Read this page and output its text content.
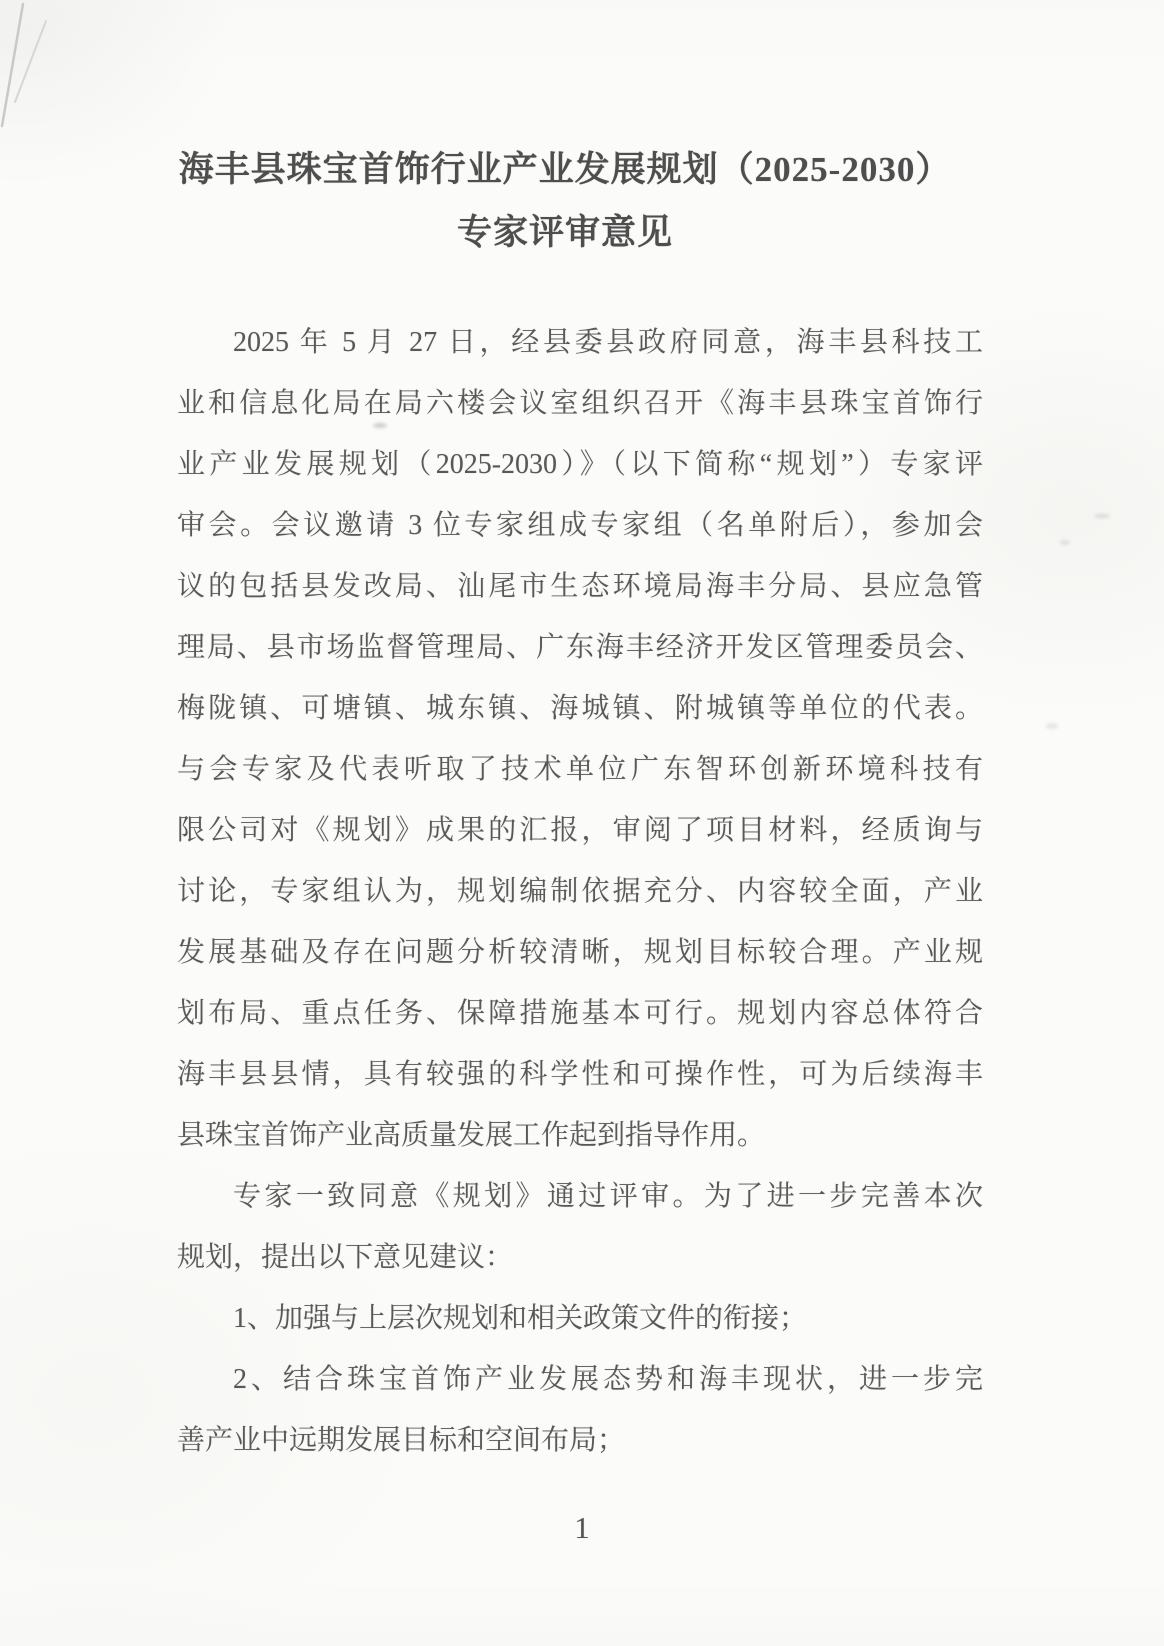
海丰县珠宝首饰行业产业发展规划（2025-2030）
专家评审意见
2025 年 5 月 27 日，经县委县政府同意，海丰县科技工
业和信息化局在局六楼会议室组织召开《海丰县珠宝首饰行
业产业发展规划（2025-2030）》（以下简称“规划”）专家评
审会。会议邀请 3 位专家组成专家组（名单附后），参加会
议的包括县发改局、汕尾市生态环境局海丰分局、县应急管
理局、县市场监督管理局、广东海丰经济开发区管理委员会、
梅陇镇、可塘镇、城东镇、海城镇、附城镇等单位的代表。
与会专家及代表听取了技术单位广东智环创新环境科技有
限公司对《规划》成果的汇报，审阅了项目材料，经质询与
讨论，专家组认为，规划编制依据充分、内容较全面，产业
发展基础及存在问题分析较清晰，规划目标较合理。产业规
划布局、重点任务、保障措施基本可行。规划内容总体符合
海丰县县情，具有较强的科学性和可操作性，可为后续海丰
县珠宝首饰产业高质量发展工作起到指导作用。
专家一致同意《规划》通过评审。为了进一步完善本次
规划，提出以下意见建议：
1、加强与上层次规划和相关政策文件的衔接；
2、结合珠宝首饰产业发展态势和海丰现状，进一步完
善产业中远期发展目标和空间布局；
1
